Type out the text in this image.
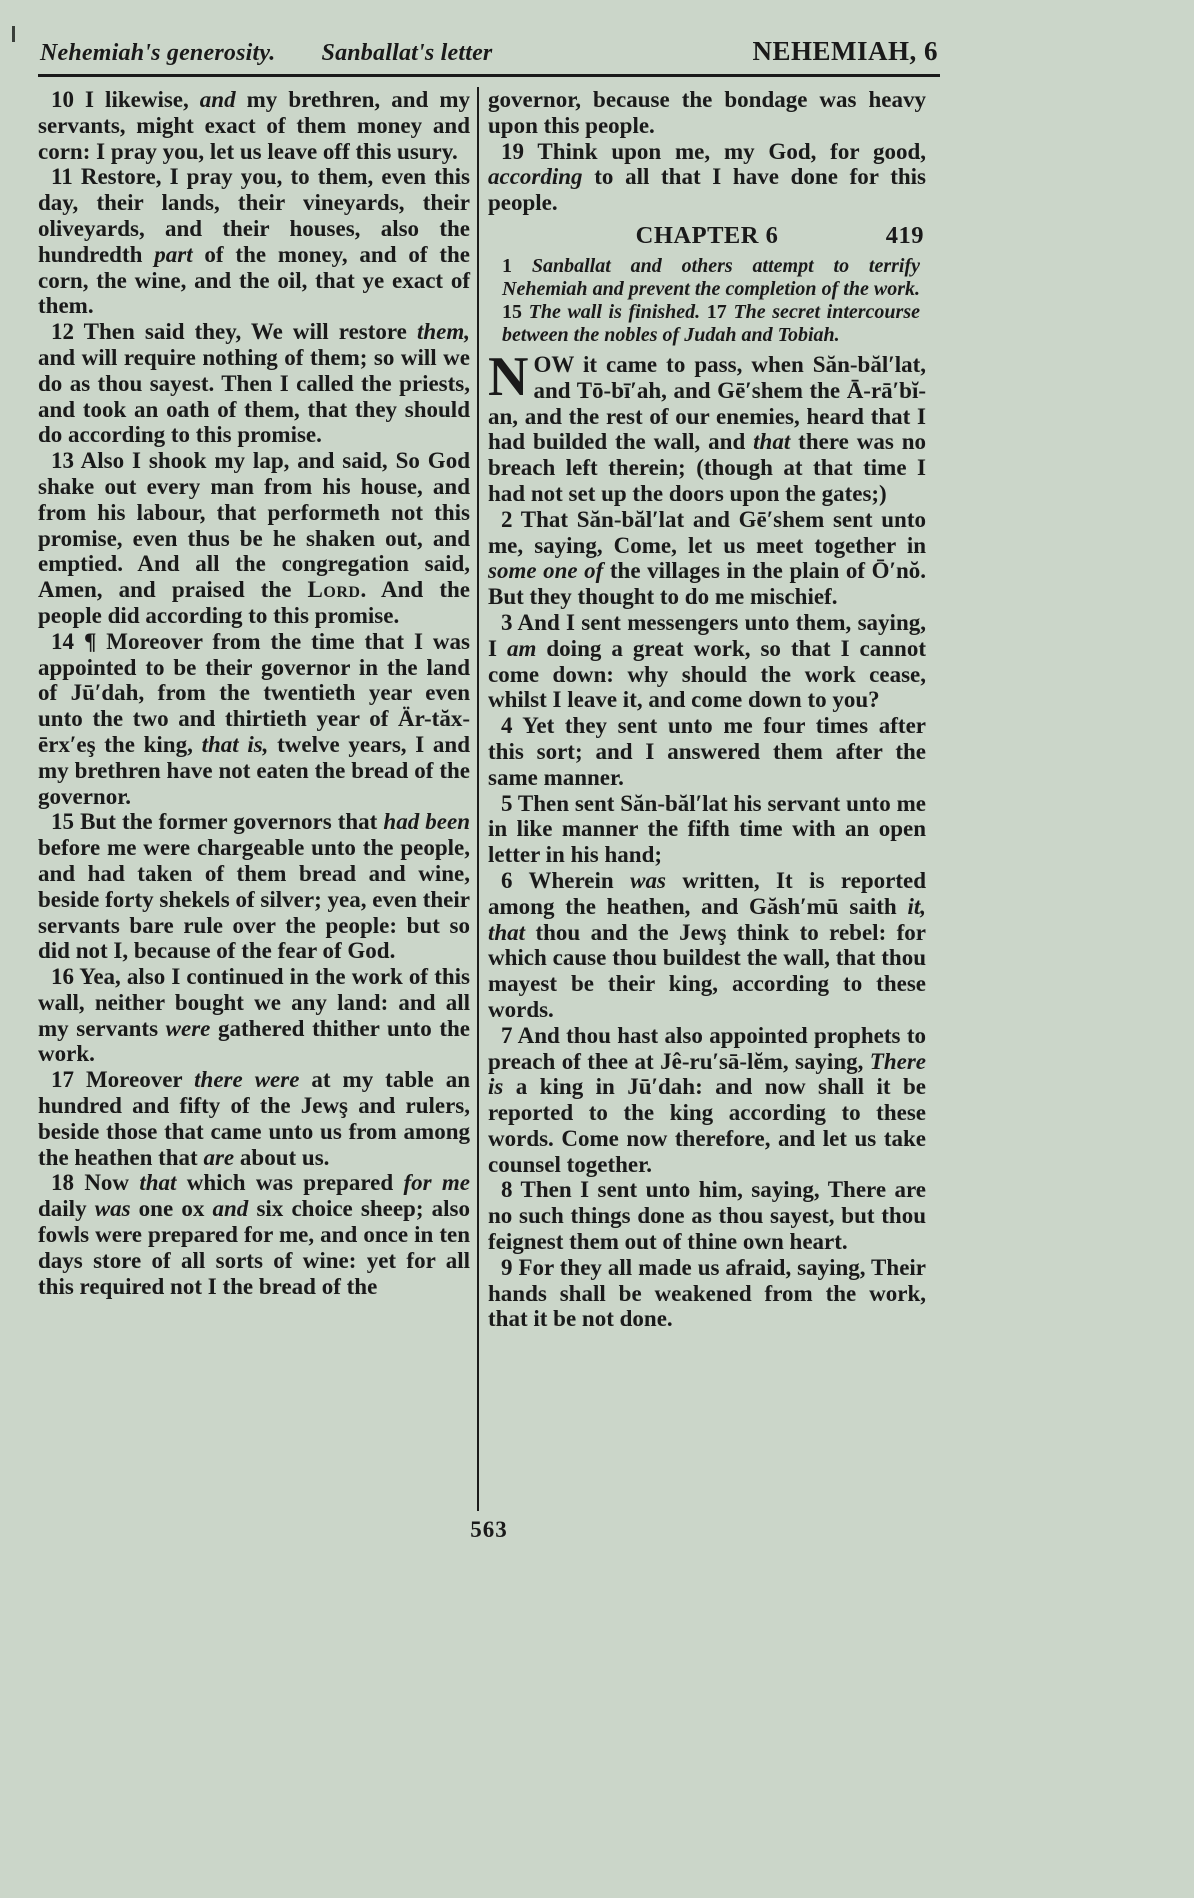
Nehemiah's generosity. Sanballat's letter	NEHEMIAH, 6

10 I likewise, and my brethren, and my servants, might exact of them money and corn: I pray you, let us leave off this usury.

11 Restore, I pray you, to them, even this day, their lands, their vineyards, their oliveyards, and their houses, also the hundredth part of the money, and of the corn, the wine, and the oil, that ye exact of them.

12 Then said they, We will restore them, and will require nothing of them; so will we do as thou sayest. Then I called the priests, and took an oath of them, that they should do according to this promise.

13 Also I shook my lap, and said, So God shake out every man from his house, and from his labour, that performeth not this promise, even thus be he shaken out, and emptied. And all the congregation said, Amen, and praised the Lord. And the people did according to this promise.

14 ¶ Moreover from the time that I was appointed to be their governor in the land of Jū′dah, from the twentieth year even unto the two and thirtieth year of Är-tăx-ērx′eş the king, that is, twelve years, I and my brethren have not eaten the bread of the governor.

15 But the former governors that had been before me were chargeable unto the people, and had taken of them bread and wine, beside forty shekels of silver; yea, even their servants bare rule over the people: but so did not I, because of the fear of God.

16 Yea, also I continued in the work of this wall, neither bought we any land: and all my servants were gathered thither unto the work.

17 Moreover there were at my table an hundred and fifty of the Jewş and rulers, beside those that came unto us from among the heathen that are about us.

18 Now that which was prepared for me daily was one ox and six choice sheep; also fowls were prepared for me, and once in ten days store of all sorts of wine: yet for all this required not I the bread of the

governor, because the bondage was heavy upon this people.

19 Think upon me, my God, for good, according to all that I have done for this people.

CHAPTER 6	419

1 Sanballat and others attempt to terrify Nehemiah and prevent the completion of the work. 15 The wall is finished. 17 The secret intercourse between the nobles of Judah and Tobiah.

NOW it came to pass, when Săn-băl′lat, and Tō-bī′ah, and Gē′shem the Ā-rā′bĭ-an, and the rest of our enemies, heard that I had builded the wall, and that there was no breach left therein; (though at that time I had not set up the doors upon the gates;)

2 That Săn-băl′lat and Gē′shem sent unto me, saying, Come, let us meet together in some one of the villages in the plain of Ō′nŏ. But they thought to do me mischief.

3 And I sent messengers unto them, saying, I am doing a great work, so that I cannot come down: why should the work cease, whilst I leave it, and come down to you?

4 Yet they sent unto me four times after this sort; and I answered them after the same manner.

5 Then sent Săn-băl′lat his servant unto me in like manner the fifth time with an open letter in his hand;

6 Wherein was written, It is reported among the heathen, and Găsh′mū saith it, that thou and the Jewş think to rebel: for which cause thou buildest the wall, that thou mayest be their king, according to these words.

7 And thou hast also appointed prophets to preach of thee at Jê-ru′sā-lĕm, saying, There is a king in Jū′dah: and now shall it be reported to the king according to these words. Come now therefore, and let us take counsel together.

8 Then I sent unto him, saying, There are no such things done as thou sayest, but thou feignest them out of thine own heart.

9 For they all made us afraid, saying, Their hands shall be weakened from the work, that it be not done.

563
